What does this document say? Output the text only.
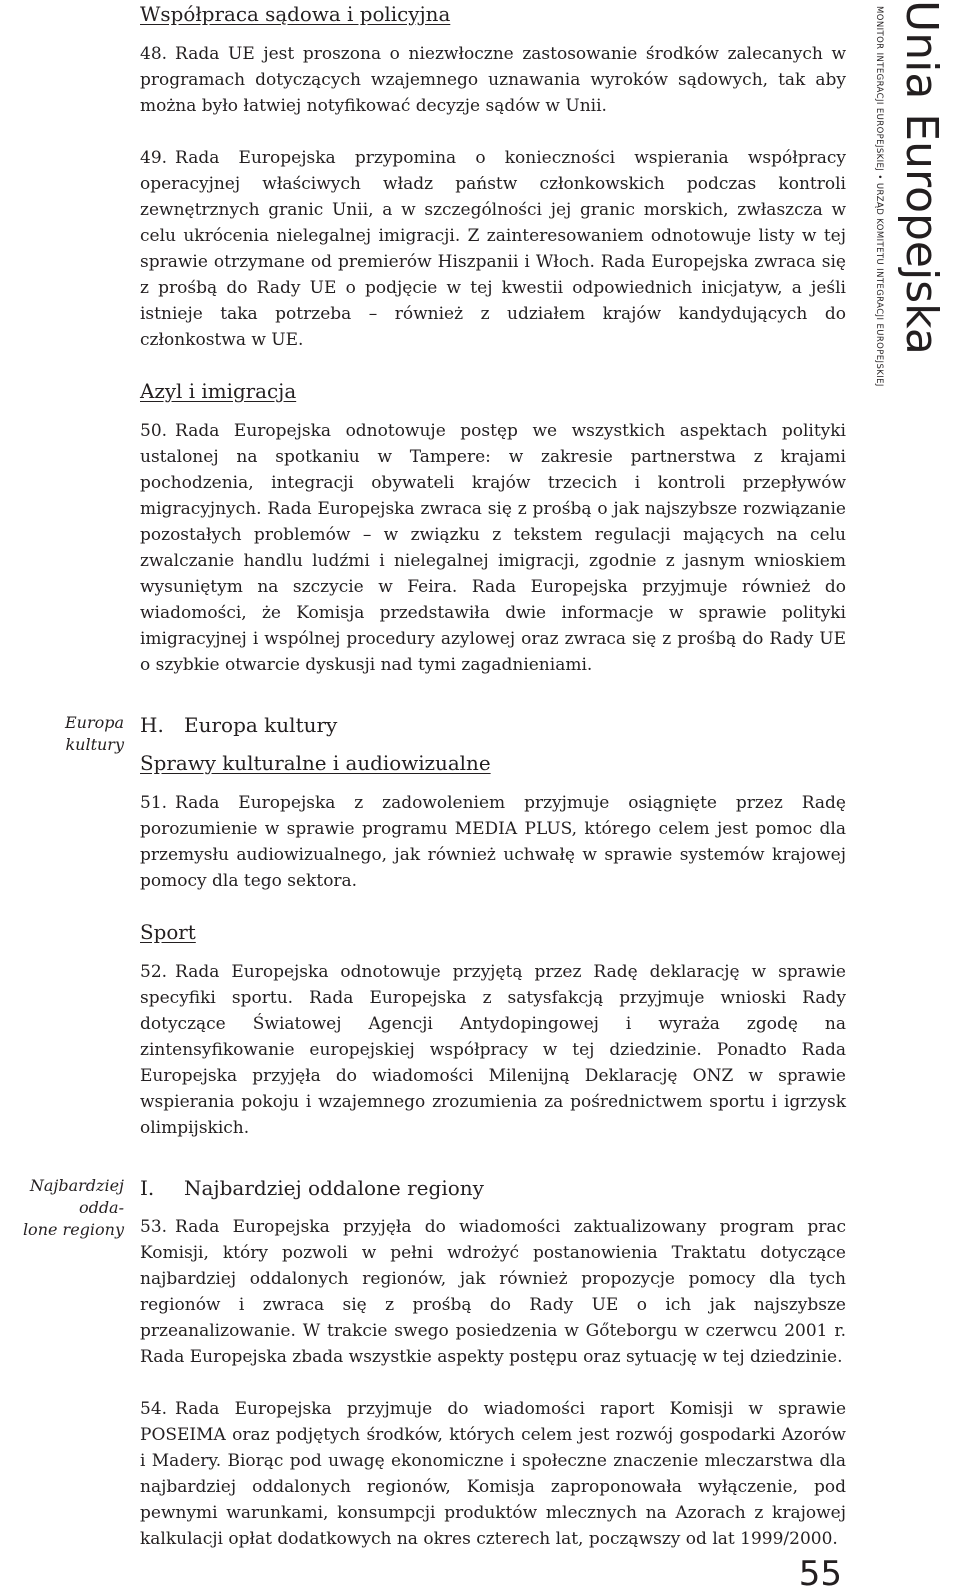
Współpraca sądowa i policyjna

48. Rada UE jest proszona o niezwłoczne zastosowanie środków zalecanych w programach dotyczących wzajemnego uznawania wyroków sądowych, tak aby można było łatwiej notyfikować decyzje sądów w Unii.

49. Rada Europejska przypomina o konieczności wspierania współpracy operacyjnej właściwych władz państw członkowskich podczas kontroli zewnętrznych granic Unii, a w szczególności jej granic morskich, zwłaszcza w celu ukrócenia nielegalnej imigracji. Z zainteresowaniem odnotowuje listy w tej sprawie otrzymane od premierów Hiszpanii i Włoch. Rada Europejska zwraca się z prośbą do Rady UE o podjęcie w tej kwestii odpowiednich inicjatyw, a jeśli istnieje taka potrzeba – również z udziałem krajów kandydujących do członkostwa w UE.

Azyl i imigracja

50. Rada Europejska odnotowuje postęp we wszystkich aspektach polityki ustalonej na spotkaniu w Tampere: w zakresie partnerstwa z krajami pochodzenia, integracji obywateli krajów trzecich i kontroli przepływów migracyjnych. Rada Europejska zwraca się z prośbą o jak najszybsze rozwiązanie pozostałych problemów – w związku z tekstem regulacji mających na celu zwalczanie handlu ludźmi i nielegalnej imigracji, zgodnie z jasnym wnioskiem wysuniętym na szczycie w Feira. Rada Europejska przyjmuje również do wiadomości, że Komisja przedstawiła dwie informacje w sprawie polityki imigracyjnej i wspólnej procedury azylowej oraz zwraca się z prośbą do Rady UE o szybkie otwarcie dyskusji nad tymi zagadnieniami.

H. Europa kultury
Sprawy kulturalne i audiowizualne

51. Rada Europejska z zadowoleniem przyjmuje osiągnięte przez Radę porozumienie w sprawie programu MEDIA PLUS, którego celem jest pomoc dla przemysłu audiowizualnego, jak również uchwałę w sprawie systemów krajowej pomocy dla tego sektora.

Sport

52. Rada Europejska odnotowuje przyjętą przez Radę deklarację w sprawie specyfiki sportu. Rada Europejska z satysfakcją przyjmuje wnioski Rady dotyczące Światowej Agencji Antydopingowej i wyraża zgodę na zintensyfikowanie europejskiej współpracy w tej dziedzinie. Ponadto Rada Europejska przyjęła do wiadomości Milenijną Deklarację ONZ w sprawie wspierania pokoju i wzajemnego zrozumienia za pośrednictwem sportu i igrzysk olimpijskich.

I. Najbardziej oddalone regiony

53. Rada Europejska przyjęła do wiadomości zaktualizowany program prac Komisji, który pozwoli w pełni wdrożyć postanowienia Traktatu dotyczące najbardziej oddalonych regionów, jak również propozycje pomocy dla tych regionów i zwraca się z prośbą do Rady UE o ich jak najszybsze przeanalizowanie. W trakcie swego posiedzenia w Gőteborgu w czerwcu 2001 r. Rada Europejska zbada wszystkie aspekty postępu oraz sytuację w tej dziedzinie.

54. Rada Europejska przyjmuje do wiadomości raport Komisji w sprawie POSEIMA oraz podjętych środków, których celem jest rozwój gospodarki Azorów i Madery. Biorąc pod uwagę ekonomiczne i społeczne znaczenie mleczarstwa dla najbardziej oddalonych regionów, Komisja zaproponowała wyłączenie, pod pewnymi warunkami, konsumpcji produktów mlecznych na Azorach z krajowej kalkulacji opłat dodatkowych na okres czterech lat, począwszy od lat 1999/2000.

Europa
kultury
Najbardziej odda-
lone regiony
Unia Europejska
MONITOR INTEGRACJI EUROPEJSKIEJ • URZĄD KOMITETU INTEGRACJI EUROPEJSKIEJ
55
